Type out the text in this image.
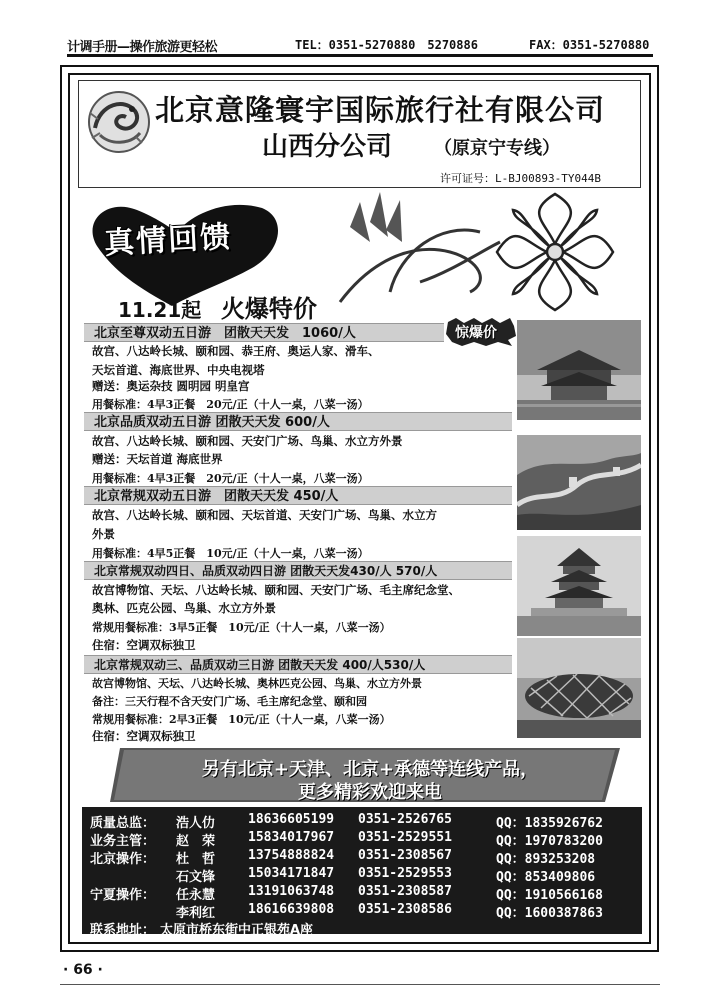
计调手册—操作旅游更轻松	TEL：0351-5270880　5270886	FAX：0351-5270880
北京意隆寰宇国际旅行社有限公司
山西分公司 （原京宁专线）
许可证号：L-BJ00893-TY044B
真情回馈
11.21起 火爆特价
惊爆价
北京至尊双动五日游　团散天天发　1060/人
故宫、八达岭长城、颐和园、恭王府、奥运人家、滑车、
天坛首道、海底世界、中央电视塔
赠送：奥运杂技 圆明园 明皇宫
用餐标准：4早3正餐　20元/正（十人一桌，八菜一汤）
北京品质双动五日游 团散天天发 600/人
故宫、八达岭长城、颐和园、天安门广场、鸟巢、水立方外景
赠送：天坛首道 海底世界
用餐标准：4早3正餐　20元/正（十人一桌，八菜一汤）
北京常规双动五日游　团散天天发 450/人
故宫、八达岭长城、颐和园、天坛首道、天安门广场、鸟巢、水立方
外景
用餐标准：4早5正餐　10元/正（十人一桌，八菜一汤）
北京常规双动四日、品质双动四日游 团散天天发430/人 570/人
故宫博物馆、天坛、八达岭长城、颐和园、天安门广场、毛主席纪念堂、
奥林、匹克公园、鸟巢、水立方外景
常规用餐标准：3早5正餐　10元/正（十人一桌，八菜一汤）
住宿：空调双标独卫
北京常规双动三、品质双动三日游 团散天天发 400/人530/人
故宫博物馆、天坛、八达岭长城、奥林匹克公园、鸟巢、水立方外景
备注：三天行程不含天安门广场、毛主席纪念堂、颐和园
常规用餐标准：2早3正餐　10元/正（十人一桌，八菜一汤）
住宿：空调双标独卫
另有北京+天津、北京+承德等连线产品，
更多精彩欢迎来电
质量总监： 浩人仂	18636605199 0351-2526765	QQ：1835926762
业务主管： 赵　荣	15834017967 0351-2529551	QQ：1970783200
北京操作： 杜　哲	13754888824 0351-2308567	QQ：893253208
石文锋	15034171847 0351-2529553	QQ：853409806
宁夏操作： 任永慧	13191063748 0351-2308587	QQ：1910566168
李利红	18616639808 0351-2308586	QQ：1600387863
联系地址： 太原市桥东街中正银苑A座
· 66 ·
